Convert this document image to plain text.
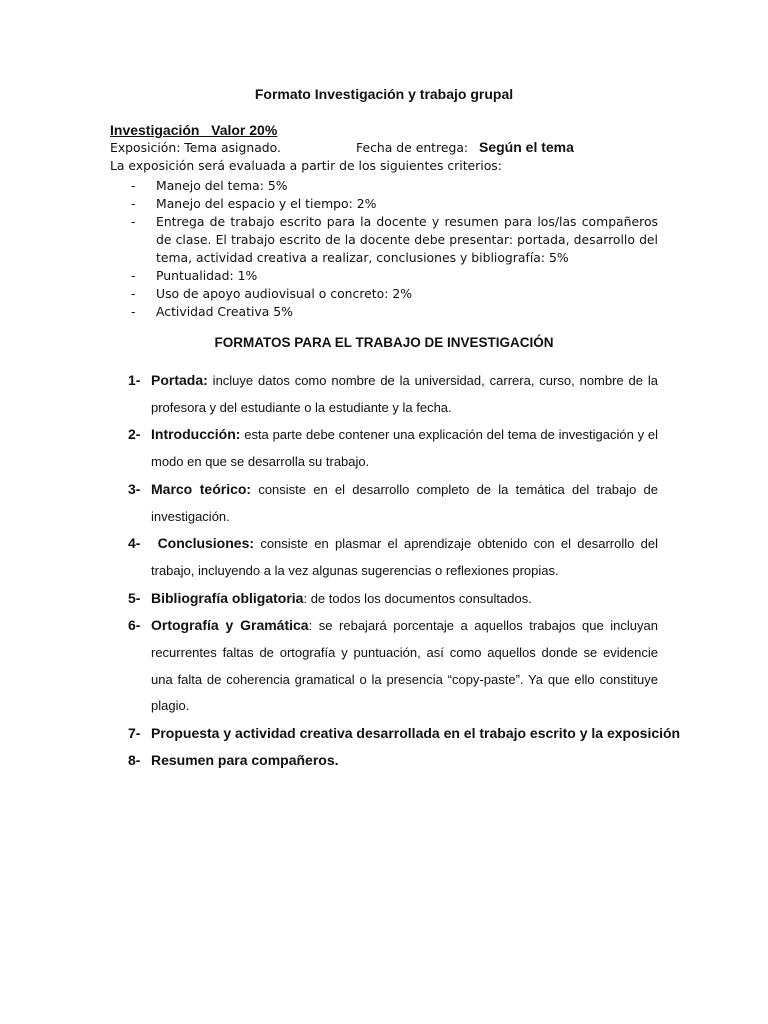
Formato Investigación y trabajo grupal
Investigación   Valor 20%
Exposición: Tema asignado.	Fecha de entrega: Según el tema
La exposición será evaluada a partir de los siguientes criterios:
- Manejo del tema: 5%
- Manejo del espacio y el tiempo: 2%
- Entrega de trabajo escrito para la docente y resumen para los/las compañeros de clase. El trabajo escrito de la docente debe presentar: portada, desarrollo del tema, actividad creativa a realizar, conclusiones y bibliografía: 5%
- Puntualidad: 1%
- Uso de apoyo audiovisual o concreto: 2%
- Actividad Creativa 5%
FORMATOS PARA EL TRABAJO DE INVESTIGACIÓN
1- Portada: incluye datos como nombre de la universidad, carrera, curso, nombre de la profesora y del estudiante o la estudiante y la fecha.
2- Introducción: esta parte debe contener una explicación del tema de investigación y el modo en que se desarrolla su trabajo.
3- Marco teórico: consiste en el desarrollo completo de la temática del trabajo de investigación.
4- Conclusiones: consiste en plasmar el aprendizaje obtenido con el desarrollo del trabajo, incluyendo a la vez algunas sugerencias o reflexiones propias.
5- Bibliografía obligatoria: de todos los documentos consultados.
6- Ortografía y Gramática: se rebajará porcentaje a aquellos trabajos que incluyan recurrentes faltas de ortografía y puntuación, así como aquellos donde se evidencie una falta de coherencia gramatical o la presencia “copy-paste”. Ya que ello constituye plagio.
7- Propuesta y actividad creativa desarrollada en el trabajo escrito y la exposición
8- Resumen para compañeros.
